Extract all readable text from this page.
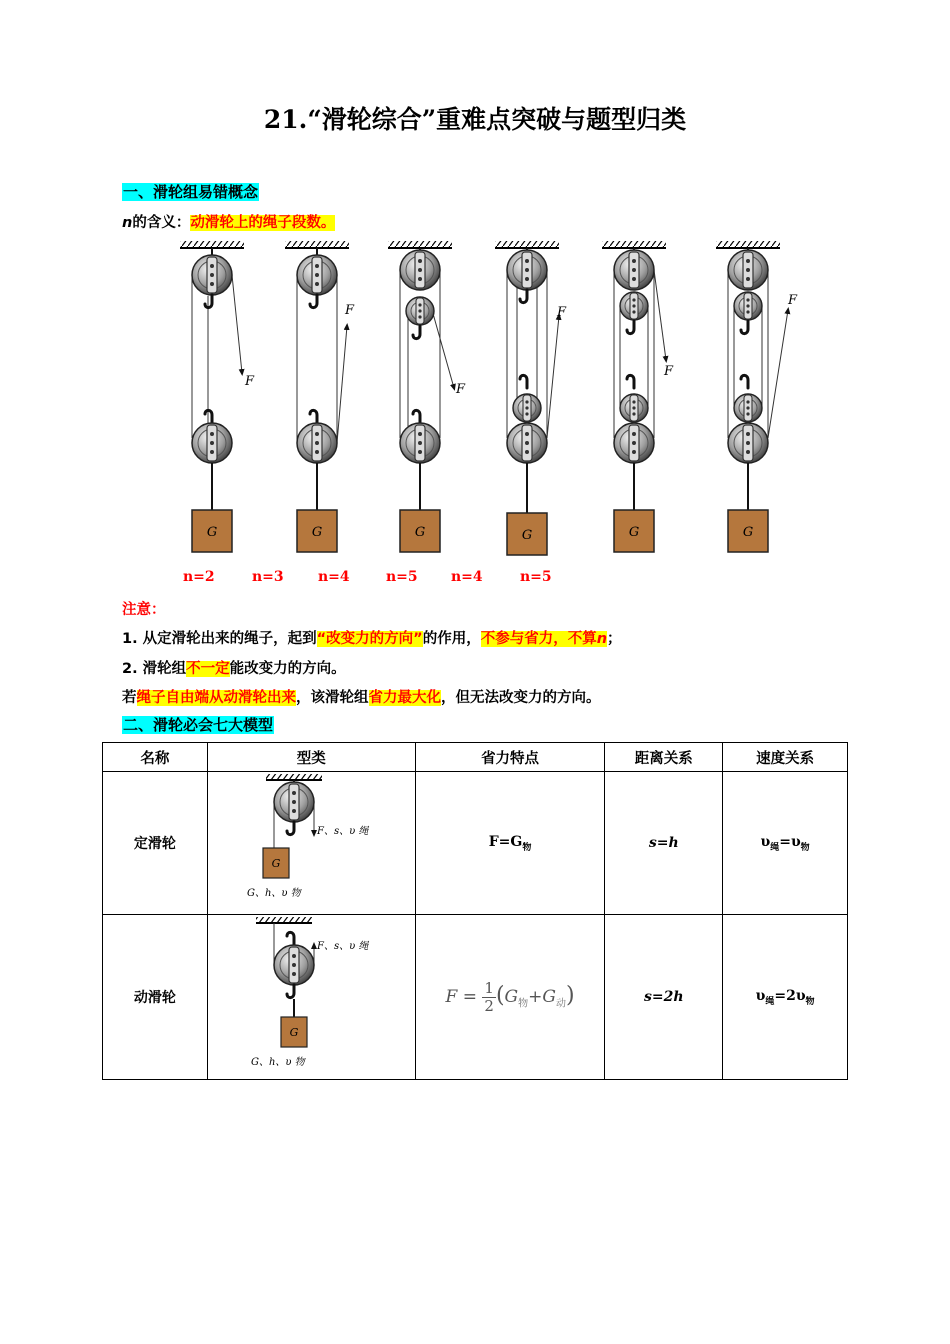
21.“滑轮综合”重难点突破与题型归类
一、滑轮组易错概念
n的含义：动滑轮上的绳子段数。
G
F
G
F
G
F
G
F
G
F
G
F
n=2	n=3 n=4	n=5 n=4	n=5
注意：
1. 从定滑轮出来的绳子，起到“改变力的方向”的作用，不参与省力，不算n；
2. 滑轮组不一定能改变力的方向。
若绳子自由端从动滑轮出来，该滑轮组省力最大化，但无法改变力的方向。
二、滑轮必会七大模型
名称	型类	省力特点	距离关系	速度关系
定滑轮	G
F、s、υ 绳
G、h、υ 物	$F=G_物$	s=h	$\upsilon_绳=\upsilon_物$
动滑轮	G
F、s、υ 绳
G、h、υ 物	$F = \frac{1}{2} (G_物+G_动)$	s=2h	$\upsilon_绳=2\upsilon_物$
